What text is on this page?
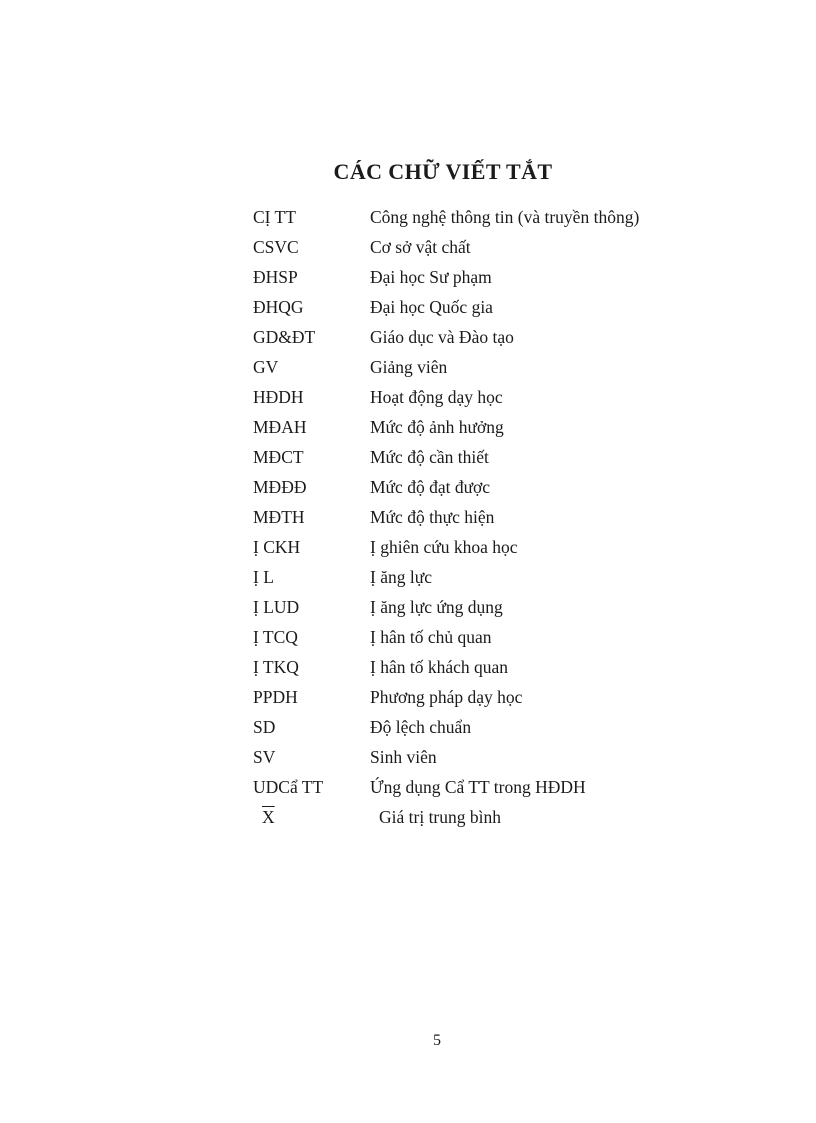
CÁC CHỮ VIẾT TẮT
CỊ TT	Công nghệ thông tin (và truyền thông)
CSVC	Cơ sở vật chất
ĐHSP	Đại học Sư phạm
ĐHQG	Đại học Quốc gia
GD&ĐT	Giáo dục và Đào tạo
GV	Giảng viên
HĐDH	Hoạt động dạy học
MĐAH	Mức độ ảnh hưởng
MĐCT	Mức độ cần thiết
MĐĐĐ	Mức độ đạt được
MĐTH	Mức độ thực hiện
Ị CKH	Ị ghiên cứu khoa học
Ị L	Ị ăng lực
Ị LUD	Ị ăng lực ứng dụng
Ị TCQ	Ị hân tố chủ quan
Ị TKQ	Ị hân tố khách quan
PPDH	Phương pháp dạy học
SD	Độ lệch chuẩn
SV	Sinh viên
UDCẩ TT	Ứng dụng Cẩ TT trong HĐDH
$\overline{X}$	Giá trị trung bình
5
